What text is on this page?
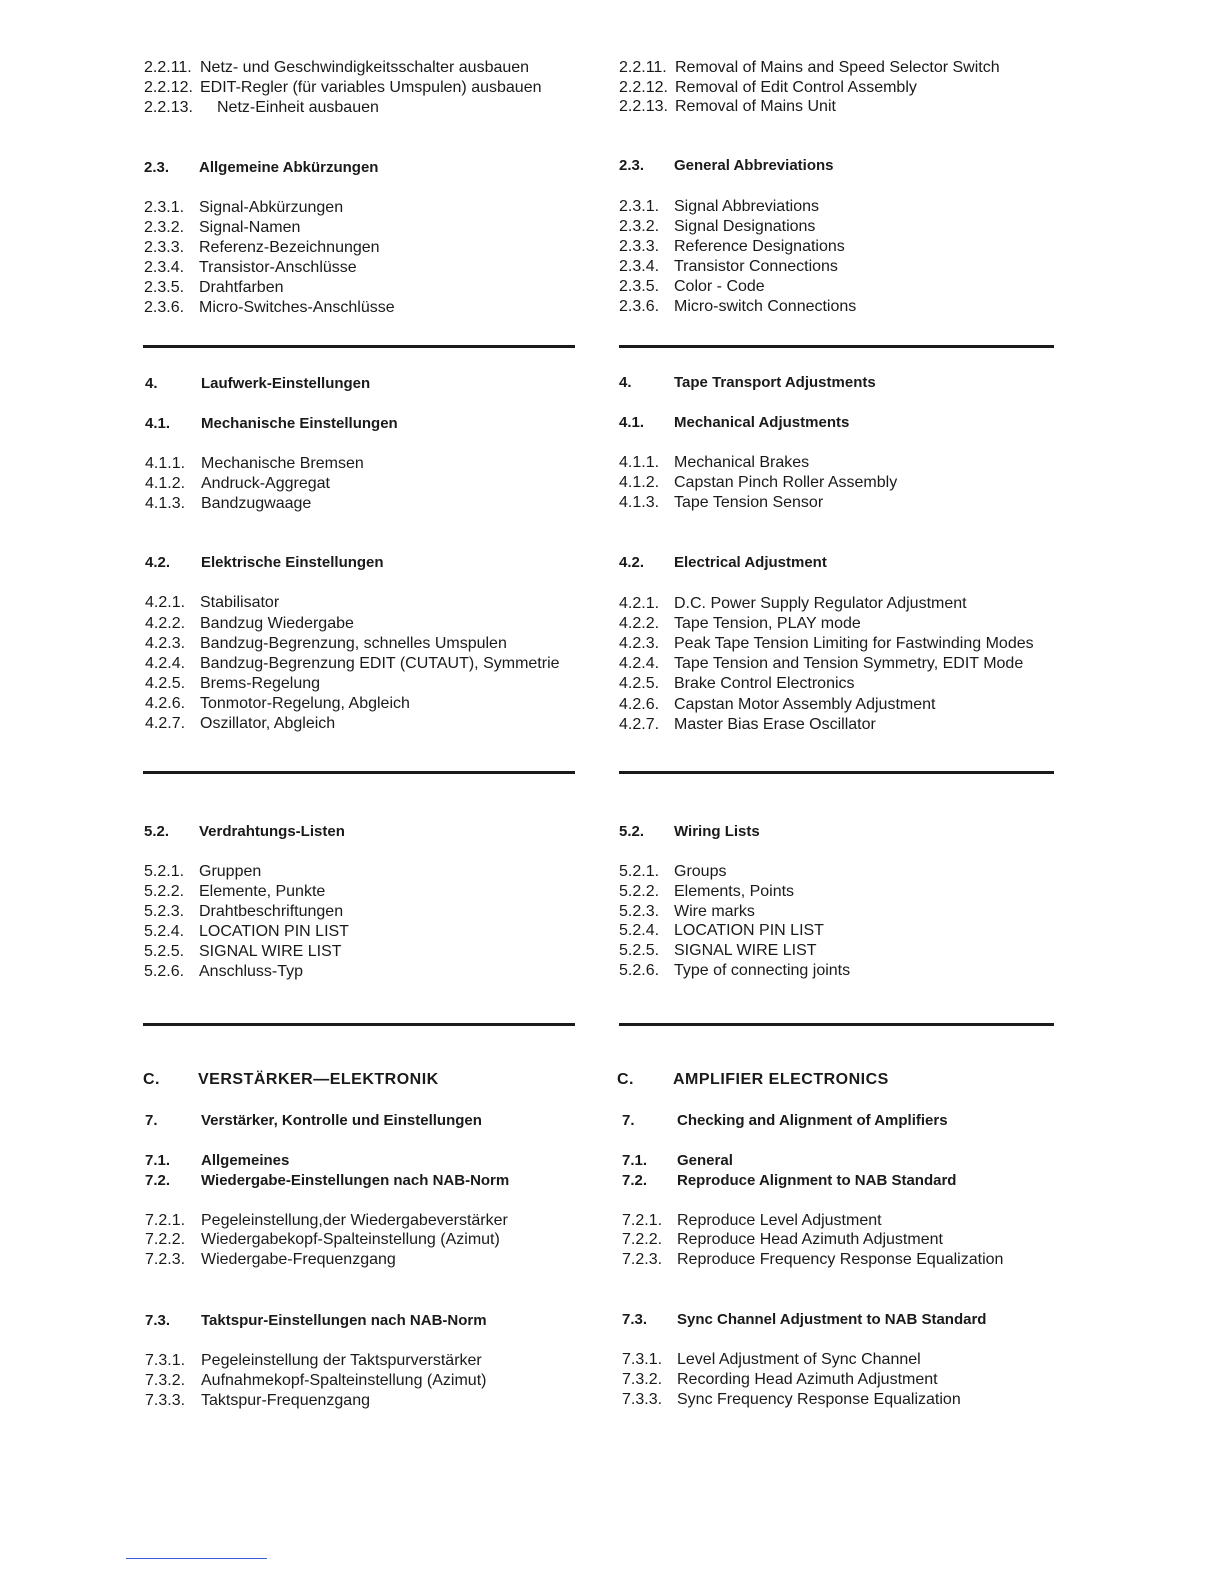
2.2.11. Netz- und Geschwindigkeitsschalter ausbauen
2.2.12. EDIT-Regler (für variables Umspulen) ausbauen
2.2.13. Netz-Einheit ausbauen
2.3. Allgemeine Abkürzungen
2.3.1. Signal-Abkürzungen
2.3.2. Signal-Namen
2.3.3. Referenz-Bezeichnungen
2.3.4. Transistor-Anschlüsse
2.3.5. Drahtfarben
2.3.6. Micro-Switches-Anschlüsse
4.	Laufwerk-Einstellungen
4.1. Mechanische Einstellungen
4.1.1. Mechanische Bremsen
4.1.2. Andruck-Aggregat
4.1.3. Bandzugwaage
4.2. Elektrische Einstellungen
4.2.1. Stabilisator
4.2.2. Bandzug Wiedergabe
4.2.3. Bandzug-Begrenzung, schnelles Umspulen
4.2.4. Bandzug-Begrenzung EDIT (CUTAUT), Symmetrie
4.2.5. Brems-Regelung
4.2.6. Tonmotor-Regelung, Abgleich
4.2.7. Oszillator, Abgleich
5.2. Verdrahtungs-Listen
5.2.1. Gruppen
5.2.2. Elemente, Punkte
5.2.3. Drahtbeschriftungen
5.2.4. LOCATION PIN LIST
5.2.5. SIGNAL WIRE LIST
5.2.6. Anschluss-Typ
C. VERSTÄRKER—ELEKTRONIK
7.	Verstärker, Kontrolle und Einstellungen
7.1. Allgemeines
7.2. Wiedergabe-Einstellungen nach NAB-Norm
7.2.1. Pegeleinstellung,der Wiedergabeverstärker
7.2.2. Wiedergabekopf-Spalteinstellung (Azimut)
7.2.3. Wiedergabe-Frequenzgang
7.3. Taktspur-Einstellungen nach NAB-Norm
7.3.1. Pegeleinstellung der Taktspurverstärker
7.3.2. Aufnahmekopf-Spalteinstellung (Azimut)
7.3.3. Taktspur-Frequenzgang
2.2.11. Removal of Mains and Speed Selector Switch
2.2.12. Removal of Edit Control Assembly
2.2.13. Removal of Mains Unit
2.3. General Abbreviations
2.3.1. Signal Abbreviations
2.3.2. Signal Designations
2.3.3. Reference Designations
2.3.4. Transistor Connections
2.3.5. Color - Code
2.3.6. Micro-switch Connections
4.	Tape Transport Adjustments
4.1. Mechanical Adjustments
4.1.1. Mechanical Brakes
4.1.2. Capstan Pinch Roller Assembly
4.1.3. Tape Tension Sensor
4.2. Electrical Adjustment
4.2.1. D.C. Power Supply Regulator Adjustment
4.2.2. Tape Tension, PLAY mode
4.2.3. Peak Tape Tension Limiting for Fastwinding Modes
4.2.4. Tape Tension and Tension Symmetry, EDIT Mode
4.2.5. Brake Control Electronics
4.2.6. Capstan Motor Assembly Adjustment
4.2.7. Master Bias Erase Oscillator
5.2. Wiring Lists
5.2.1. Groups
5.2.2. Elements, Points
5.2.3. Wire marks
5.2.4. LOCATION PIN LIST
5.2.5. SIGNAL WIRE LIST
5.2.6. Type of connecting joints
C. AMPLIFIER ELECTRONICS
7.	Checking and Alignment of Amplifiers
7.1. General
7.2. Reproduce Alignment to NAB Standard
7.2.1. Reproduce Level Adjustment
7.2.2. Reproduce Head Azimuth Adjustment
7.2.3. Reproduce Frequency Response Equalization
7.3. Sync Channel Adjustment to NAB Standard
7.3.1. Level Adjustment of Sync Channel
7.3.2. Recording Head Azimuth Adjustment
7.3.3. Sync Frequency Response Equalization
